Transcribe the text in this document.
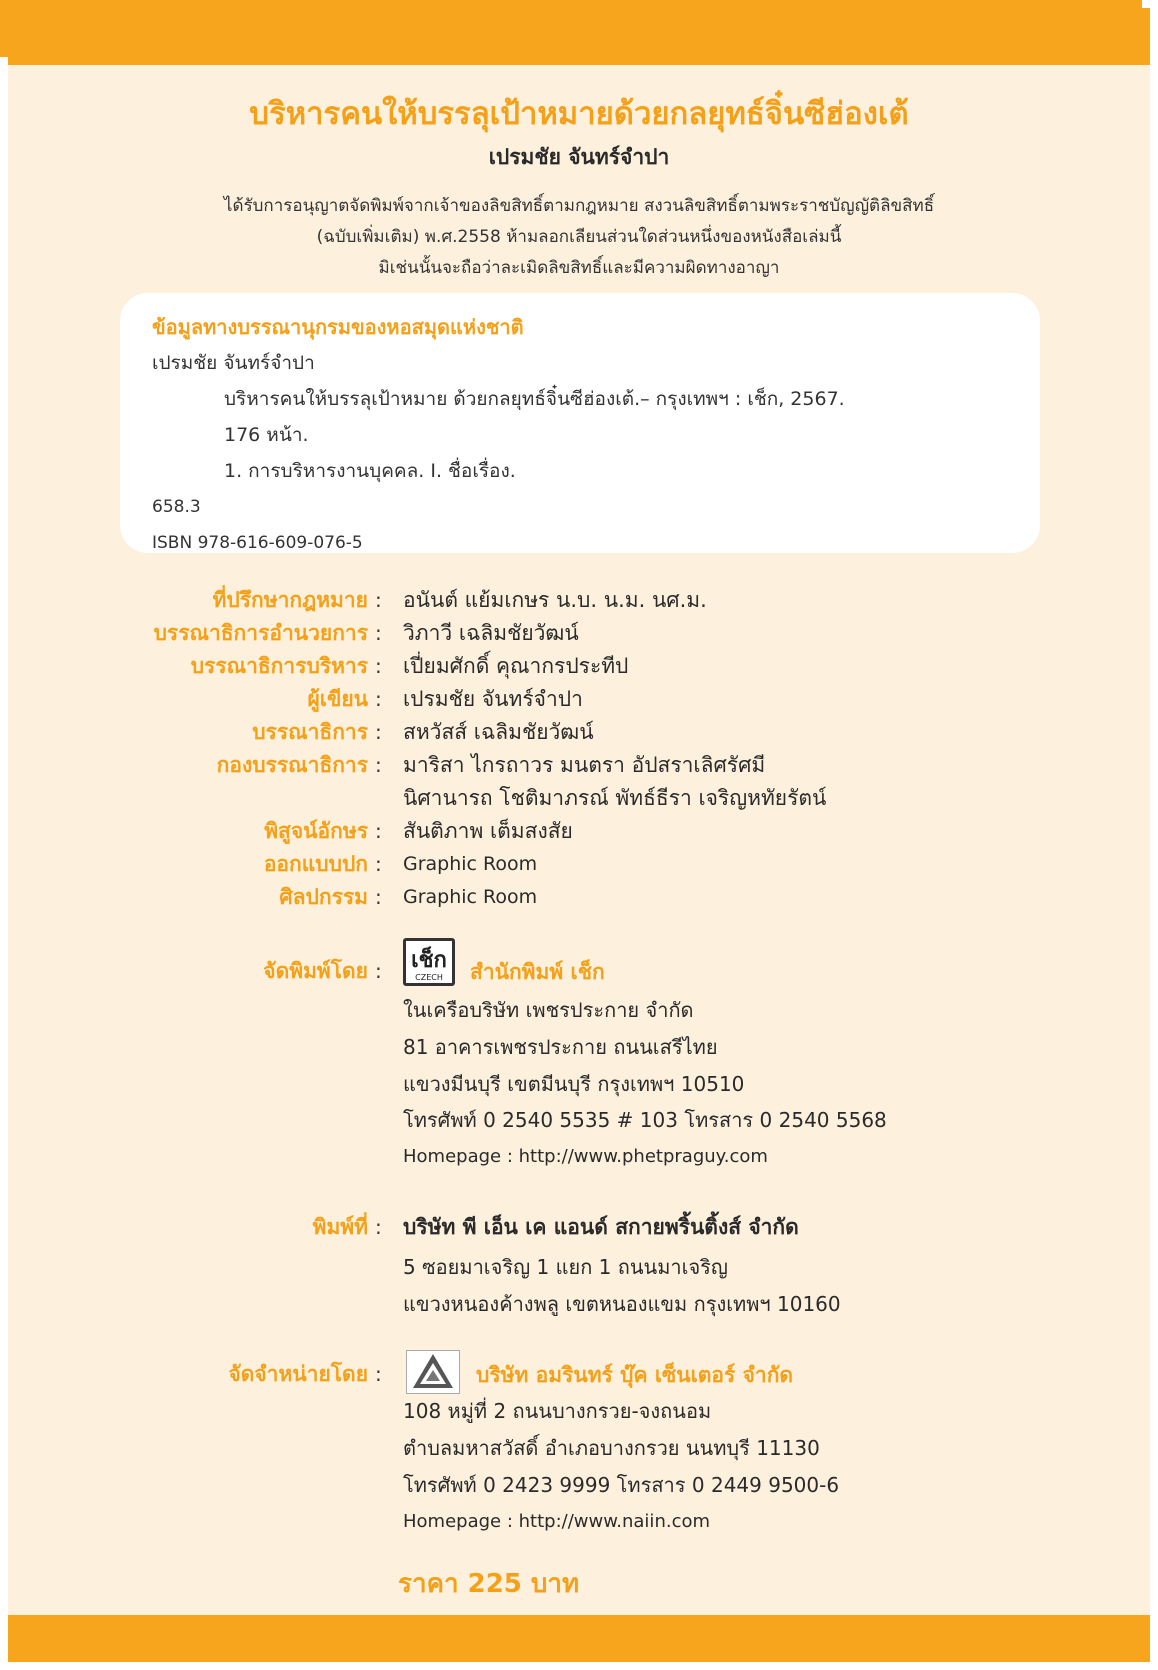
บริหารคนให้บรรลุเป้าหมายด้วยกลยุทธ์จิ๋นซีฮ่องเต้
เปรมชัย จันทร์จำปา
ได้รับการอนุญาตจัดพิมพ์จากเจ้าของลิขสิทธิ์ตามกฎหมาย สงวนลิขสิทธิ์ตามพระราชบัญญัติลิขสิทธิ์
(ฉบับเพิ่มเติม) พ.ศ.2558 ห้ามลอกเลียนส่วนใดส่วนหนึ่งของหนังสือเล่มนี้
มิเช่นนั้นจะถือว่าละเมิดลิขสิทธิ์และมีความผิดทางอาญา
ข้อมูลทางบรรณานุกรมของหอสมุดแห่งชาติ
เปรมชัย จันทร์จำปา
บริหารคนให้บรรลุเป้าหมาย ด้วยกลยุทธ์จิ๋นซีฮ่องเต้.– กรุงเทพฯ : เช็ก, 2567.
176 หน้า.
1. การบริหารงานบุคคล. I. ชื่อเรื่อง.
658.3
ISBN 978-616-609-076-5
ที่ปรึกษากฎหมาย : อนันต์ แย้มเกษร น.บ. น.ม. นศ.ม.
บรรณาธิการอำนวยการ : วิภาวี เฉลิมชัยวัฒน์
บรรณาธิการบริหาร : เปี่ยมศักดิ์ คุณากรประทีป
ผู้เขียน : เปรมชัย จันทร์จำปา
บรรณาธิการ : สหวัสส์ เฉลิมชัยวัฒน์
กองบรรณาธิการ : มาริสา ไกรถาวร มนตรา อัปสราเลิศรัศมี
นิศานารถ โชติมาภรณ์ พัทธ์ธีรา เจริญหทัยรัตน์
พิสูจน์อักษร : สันติภาพ เต็มสงสัย
ออกแบบปก : Graphic Room
ศิลปกรรม : Graphic Room
จัดพิมพ์โดย : เช็ก
CZECH	สำนักพิมพ์ เช็ก
ในเครือบริษัท เพชรประกาย จำกัด
81 อาคารเพชรประกาย ถนนเสรีไทย
แขวงมีนบุรี เขตมีนบุรี กรุงเทพฯ 10510
โทรศัพท์ 0 2540 5535 # 103 โทรสาร 0 2540 5568
Homepage : http://www.phetpraguy.com
พิมพ์ที่ : บริษัท พี เอ็น เค แอนด์ สกายพริ้นติ้งส์ จำกัด
5 ซอยมาเจริญ 1 แยก 1 ถนนมาเจริญ
แขวงหนองค้างพลู เขตหนองแขม กรุงเทพฯ 10160
จัดจำหน่ายโดย :	บริษัท อมรินทร์ บุ๊ค เซ็นเตอร์ จำกัด
108 หมู่ที่ 2 ถนนบางกรวย-จงถนอม
ตำบลมหาสวัสดิ์ อำเภอบางกรวย นนทบุรี 11130
โทรศัพท์ 0 2423 9999 โทรสาร 0 2449 9500-6
Homepage : http://www.naiin.com
ราคา 225 บาท
